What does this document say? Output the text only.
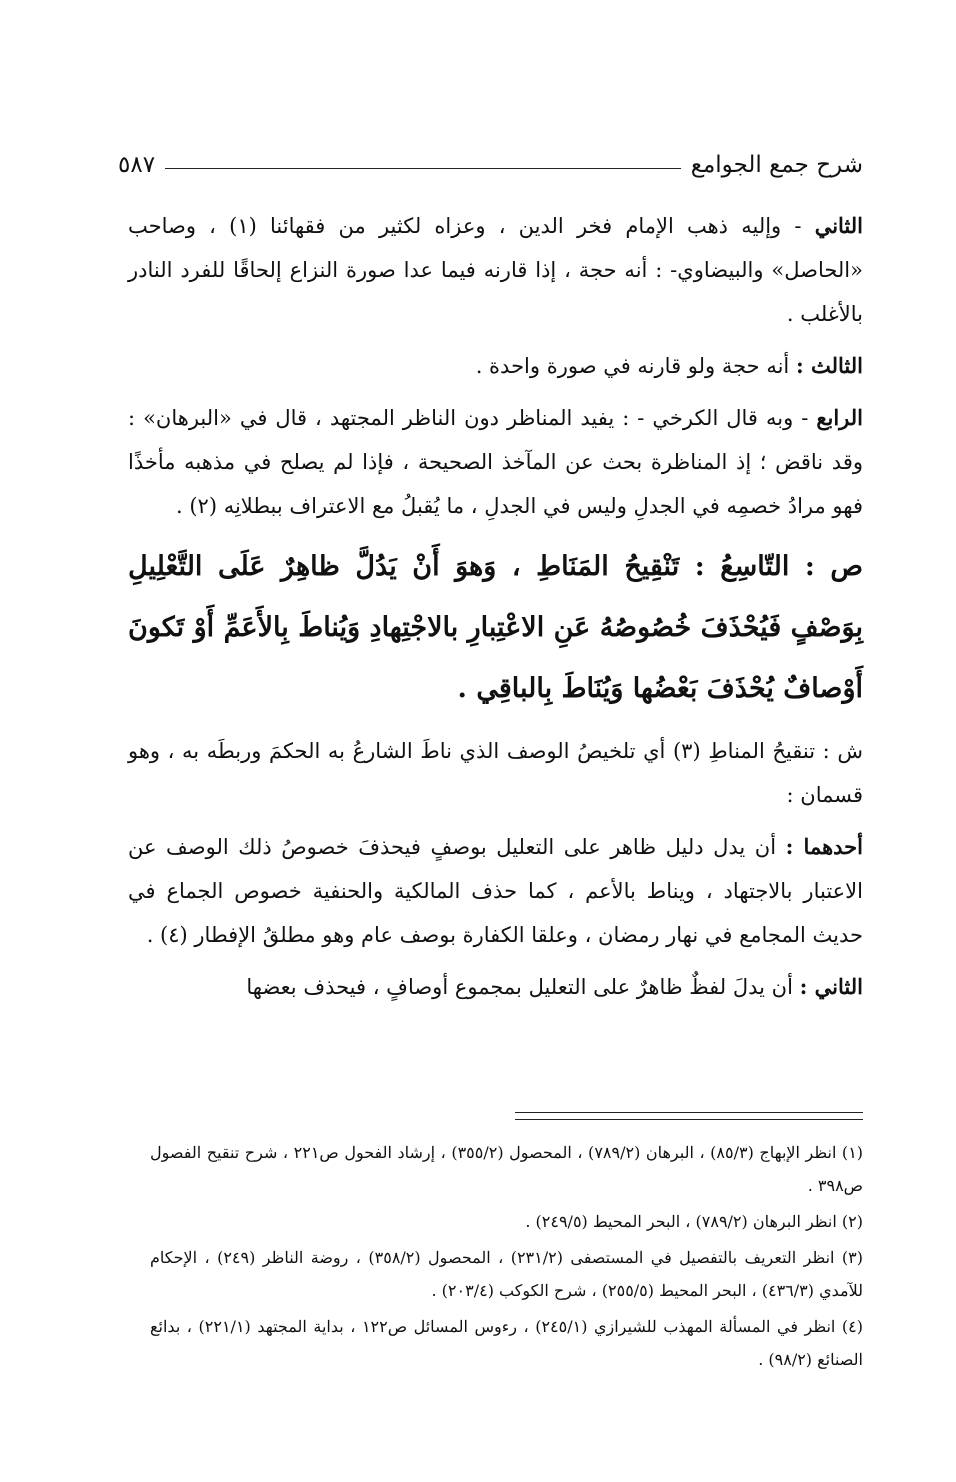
شرح جمع الجوامع
٥٨٧

الثاني - وإليه ذهب الإمام فخر الدين ، وعزاه لكثير من فقهائنا (١) ، وصاحب «الحاصل» والبيضاوي- : أنه حجة ، إذا قارنه فيما عدا صورة النزاع إلحاقًا للفرد النادر بالأغلب .

الثالث : أنه حجة ولو قارنه في صورة واحدة .

الرابع - وبه قال الكرخي - : يفيد المناظر دون الناظر المجتهد ، قال في «البرهان» : وقد ناقض ؛ إذ المناظرة بحث عن المآخذ الصحيحة ، فإذا لم يصلح في مذهبه مأخذًا فهو مرادُ خصمِه في الجدلِ وليس في الجدلِ ، ما يُقبلُ مع الاعتراف ببطلانِه (٢) .

ص : التّاسِعُ : تَنْقِيحُ المَنَاطِ ، وَهوَ أَنْ يَدُلَّ ظاهِرٌ عَلَى التَّعْلِيلِ بِوَصْفٍ فَيُحْذَفَ خُصُوصُهُ عَنِ الاعْتِبارِ بالاجْتِهادِ وَيُناطَ بِالأَعَمِّ أَوْ تَكونَ أَوْصافٌ يُحْذَفَ بَعْضُها وَيُنَاطَ بِالباقِي .

ش : تنقيحُ المناطِ (٣) أي تلخيصُ الوصف الذي ناطَ الشارعُ به الحكمَ وربطَه به ، وهو قسمان :

أحدهما : أن يدل دليل ظاهر على التعليل بوصفٍ فيحذفَ خصوصُ ذلك الوصف عن الاعتبار بالاجتهاد ، ويناط بالأعم ، كما حذف المالكية والحنفية خصوص الجماع في حديث المجامع في نهار رمضان ، وعلقا الكفارة بوصف عام وهو مطلقُ الإفطار (٤) .

الثاني : أن يدلَ لفظٌ ظاهرٌ على التعليل بمجموع أوصافٍ ، فيحذف بعضها

(١) انظر الإبهاج (٨٥/٣) ، البرهان (٧٨٩/٢) ، المحصول (٣٥٥/٢) ، إرشاد الفحول ص٢٢١ ، شرح تنقيح الفصول ص٣٩٨ .

(٢) انظر البرهان (٧٨٩/٢) ، البحر المحيط (٢٤٩/٥) .

(٣) انظر التعريف بالتفصيل في المستصفى (٢٣١/٢) ، المحصول (٣٥٨/٢) ، روضة الناظر (٢٤٩) ، الإحكام للآمدي (٤٣٦/٣) ، البحر المحيط (٢٥٥/٥) ، شرح الكوكب (٢٠٣/٤) .

(٤) انظر في المسألة المهذب للشيرازي (٢٤٥/١) ، رءوس المسائل ص١٢٢ ، بداية المجتهد (٢٢١/١) ، بدائع الصنائع (٩٨/٢) .
